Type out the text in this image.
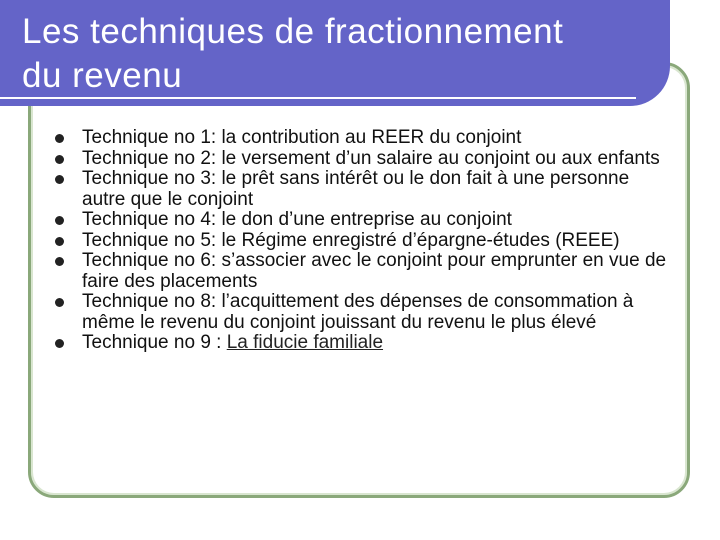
Les techniques de fractionnement
du revenu
Technique no 1: la contribution au REER du conjoint
Technique no 2: le versement d’un salaire au conjoint ou aux enfants
Technique no 3: le prêt sans intérêt ou le don fait à une personne autre que le conjoint
Technique no 4: le don d’une entreprise au conjoint
Technique no 5: le Régime enregistré d’épargne-études (REEE)
Technique no 6: s’associer avec le conjoint pour emprunter en vue de faire des placements
Technique no 8: l’acquittement des dépenses de consommation à même le revenu du conjoint jouissant du revenu le plus élevé
Technique no 9 : La fiducie familiale
